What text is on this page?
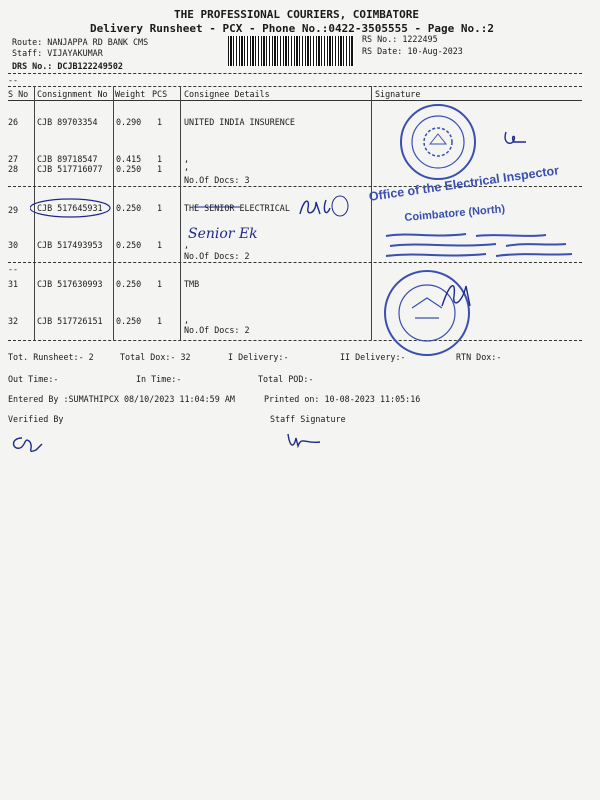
THE PROFESSIONAL COURIERS, COIMBATORE
Delivery Runsheet - PCX - Phone No.:0422-3505555 - Page No.:2
Route: NANJAPPA RD BANK CMS
Staff: VIJAYAKUMAR
DRS No.: DCJB122249502
RS No.: 1222495
RS Date: 10-Aug-2023
--
S No Consignment No Weight PCS Consignee Details	Signature
26 CJB 89703354 0.290 1	UNITED INDIA INSURENCE
27 CJB 89718547 0.415 1	,
28 CJB 517716077 0.250 1	,
No.Of Docs: 3
29 CJB 517645931 0.250 1	THE SENIOR ELECTRICAL
30 CJB 517493953 0.250 1	,
No.Of Docs: 2
--
31 CJB 517630993 0.250 1	TMB
32 CJB 517726151 0.250 1	,
No.Of Docs: 2
Senior Ek
Office of the Electrical Inspector
Coimbatore (North)
Tot. Runsheet:- 2	Total Dox:- 32	I Delivery:-	II Delivery:-	RTN Dox:-
Out Time:-	In Time:-	Total POD:-
Entered By :SUMATHIPCX 08/10/2023 11:04:59 AM	Printed on: 10-08-2023 11:05:16
Verified By	Staff Signature
